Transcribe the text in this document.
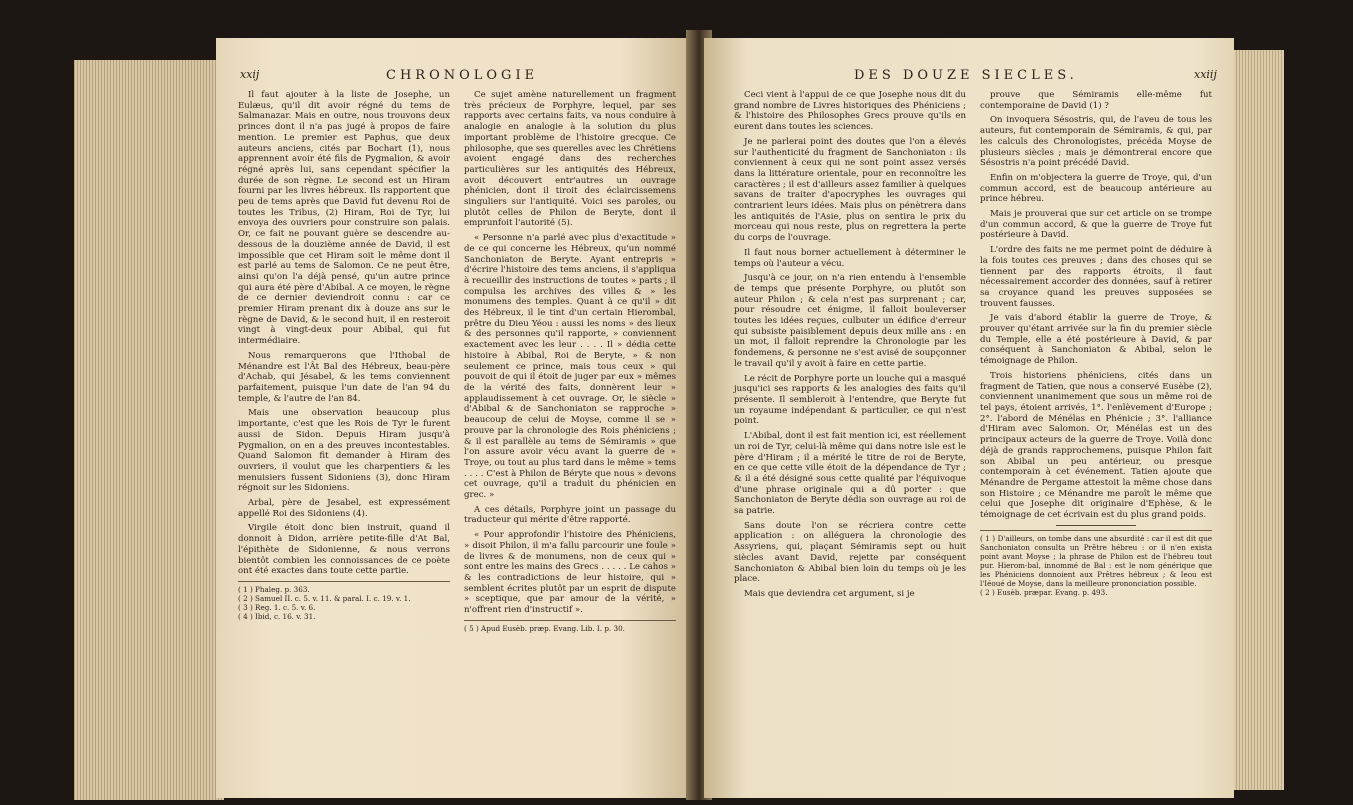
xxij	CHRONOLOGIE

Il faut ajouter à la liste de Josephe, un Eulæus, qu'il dit avoir régné du tems de Salmanazar. Mais en outre, nous trouvons deux princes dont il n'a pas jugé à propos de faire mention. Le premier est Paphus, que deux auteurs anciens, cités par Bochart (1), nous apprennent avoir été fils de Pygmalion, & avoir régné après lui, sans cependant spécifier la durée de son règne. Le second est un Hiram fourni par les livres hébreux. Ils rapportent que peu de tems après que David fut devenu Roi de toutes les Tribus, (2) Hiram, Roi de Tyr, lui envoya des ouvriers pour construire son palais. Or, ce fait ne pouvant guère se descendre au-dessous de la douzième année de David, il est impossible que cet Hiram soit le même dont il est parlé au tems de Salomon. Ce ne peut être, ainsi qu'on l'a déjà pensé, qu'un autre prince qui aura été père d'Abibal. A ce moyen, le règne de ce dernier deviendroit connu : car ce premier Hiram prenant dix à douze ans sur le règne de David, & le second huit, il en resteroit vingt à vingt-deux pour Abibal, qui fut intermédiaire.

Nous remarquerons que l'Ithobal de Ménandre est l'Ât Bal des Hébreux, beau-père d'Achab, qui Jésabel, & les tems conviennent parfaitement, puisque l'un date de l'an 94 du temple, & l'autre de l'an 84.

Mais une observation beaucoup plus importante, c'est que les Rois de Tyr le furent aussi de Sidon. Depuis Hiram jusqu'à Pygmalion, on en a des preuves incontestables. Quand Salomon fit demander à Hiram des ouvriers, il voulut que les charpentiers & les menuisiers fussent Sidoniens (3), donc Hiram régnoit sur les Sidoniens.

Arbal, père de Jesabel, est expressément appellé Roi des Sidoniens (4).

Virgile étoit donc bien instruit, quand il donnoit à Didon, arrière petite-fille d'At Bal, l'épithète de Sidonienne, & nous verrons bientôt combien les connoissances de ce poète ont été exactes dans toute cette partie.

( 1 ) Phaleg. p. 363.
( 2 ) Samuel II. c. 5. v. 11. & paral. I. c. 19. v. 1.
( 3 ) Reg. 1. c. 5. v. 6.
( 4 ) Ibid, c. 16. v. 31.

Ce sujet amène naturellement un fragment très précieux de Porphyre, lequel, par ses rapports avec certains faits, va nous conduire à analogie en analogie à la solution du plus important problème de l'histoire grecque. Ce philosophe, que ses querelles avec les Chrétiens avoient engagé dans des recherches particulières sur les antiquités des Hébreux, avoit découvert entr'autres un ouvrage phénicien, dont il tiroit des éclaircissemens singuliers sur l'antiquité. Voici ses paroles, ou plutôt celles de Philon de Beryte, dont il emprunfoit l'autorité (5).

« Personne n'a parlé avec plus d'exactitude » de ce qui concerne les Hébreux, qu'un nommé Sanchoniaton de Beryte. Ayant entrepris » d'écrire l'histoire des tems anciens, il s'appliqua à recueillir des instructions de toutes » parts ; il compulsa les archives des villes & » les monumens des temples. Quant à ce qu'il » dit des Hébreux, il le tint d'un certain Hierombal, prêtre du Dieu Yéou : aussi les noms » des lieux & des personnes qu'il rapporte, » conviennent exactement avec les leur . . . . Il » dédia cette histoire à Abibal, Roi de Beryte, » & non seulement ce prince, mais tous ceux » qui pouvoit de qui il étoit de juger par eux » mêmes de la vérité des faits, donnèrent leur » applaudissement à cet ouvrage. Or, le siècle » d'Abibal & de Sanchoniaton se rapproche » beaucoup de celui de Moyse, comme il se » prouve par la chronologie des Rois phéniciens ; & il est parallèle au tems de Sémiramis » que l'on assure avoir vécu avant la guerre de » Troye, ou tout au plus tard dans le même » tems . . . . C'est à Philon de Béryte que nous » devons cet ouvrage, qu'il a traduit du phénicien en grec. »

A ces détails, Porphyre joint un passage du traducteur qui mérite d'être rapporté.

« Pour approfondir l'histoire des Phéniciens, » disoit Philon, il m'a fallu parcourir une foule » de livres & de monumens, non de ceux qui » sont entre les mains des Grecs . . . . . Le cahos » & les contradictions de leur histoire, qui » semblent écrites plutôt par un esprit de dispute » sceptique, que par amour de la vérité, » n'offrent rien d'instructif ».

( 5 ) Apud Eusèb. præp. Evang. Lib. I. p. 30.
DES DOUZE SIECLES.	xxiij

Ceci vient à l'appui de ce que Josephe nous dit du grand nombre de Livres historiques des Phéniciens ; & l'histoire des Philosophes Grecs prouve qu'ils en eurent dans toutes les sciences.

Je ne parlerai point des doutes que l'on a élevés sur l'authenticité du fragment de Sanchoniaton : ils conviennent à ceux qui ne sont point assez versés dans la littérature orientale, pour en reconnoître les caractères ; il est d'ailleurs assez familier à quelques savans de traiter d'apocryphes les ouvrages qui contrarient leurs idées. Mais plus on pénètrera dans les antiquités de l'Asie, plus on sentira le prix du morceau qui nous reste, plus on regrettera la perte du corps de l'ouvrage.

Il faut nous borner actuellement à déterminer le temps où l'auteur a vécu.

Jusqu'à ce jour, on n'a rien entendu à l'ensemble de temps que présente Porphyre, ou plutôt son auteur Philon ; & cela n'est pas surprenant ; car, pour résoudre cet énigme, il falloit bouleverser toutes les idées reçues, culbuter un édifice d'erreur qui subsiste paisiblement depuis deux mille ans : en un mot, il falloit reprendre la Chronologie par les fondemens, & personne ne s'est avisé de soupçonner le travail qu'il y avoit à faire en cette partie.

Le récit de Porphyre porte un louche qui a masqué jusqu'ici ses rapports & les analogies des faits qu'il présente. Il sembleroit à l'entendre, que Beryte fut un royaume indépendant & particulier, ce qui n'est point.

L'Abibal, dont il est fait mention ici, est réellement un roi de Tyr, celui-là même qui dans notre isle est le père d'Hiram ; il a mérité le titre de roi de Beryte, en ce que cette ville étoit de la dépendance de Tyr ; & il a été désigné sous cette qualité par l'équivoque d'une phrase originale qui a dû porter : que Sanchoniaton de Beryte dédia son ouvrage au roi de sa patrie.

Sans doute l'on se récriera contre cette application : on alléguera la chronologie des Assyriens, qui, plaçant Sémiramis sept ou huit siècles avant David, rejette par conséquent Sanchoniaton & Abibal bien loin du temps où je les place.

Mais que deviendra cet argument, si je

prouve que Sémiramis elle-même fut contemporaine de David (1) ?

On invoquera Sésostris, qui, de l'aveu de tous les auteurs, fut contemporain de Sémiramis, & qui, par les calculs des Chronologistes, précéda Moyse de plusieurs siècles ; mais je démontrerai encore que Sésostris n'a point précédé David.

Enfin on m'objectera la guerre de Troye, qui, d'un commun accord, est de beaucoup antérieure au prince hébreu.

Mais je prouverai que sur cet article on se trompe d'un commun accord, & que la guerre de Troye fut postérieure à David.

L'ordre des faits ne me permet point de déduire à la fois toutes ces preuves ; dans des choses qui se tiennent par des rapports étroits, il faut nécessairement accorder des données, sauf à retirer sa croyance quand les preuves supposées se trouvent fausses.

Je vais d'abord établir la guerre de Troye, & prouver qu'étant arrivée sur la fin du premier siècle du Temple, elle a été postérieure à David, & par conséquent à Sanchoniaton & Abibal, selon le témoignage de Philon.

Trois historiens phéniciens, cités dans un fragment de Tatien, que nous a conservé Eusèbe (2), conviennent unanimement que sous un même roi de tel pays, étoient arrivés, 1°. l'enlèvement d'Europe ; 2°. l'abord de Ménélas en Phénicie ; 3°. l'alliance d'Hiram avec Salomon. Or, Ménélas est un des principaux acteurs de la guerre de Troye. Voilà donc déjà de grands rapprochemens, puisque Philon fait son Abibal un peu antérieur, ou presque contemporain à cet événement. Tatien ajoute que Ménandre de Pergame attestoit la même chose dans son Histoire ; ce Ménandre me paroît le même que celui que Josephe dit originaire d'Ephèse, & le témoignage de cet écrivain est du plus grand poids.

( 1 ) D'ailleurs, on tombe dans une absurdité : car il est dit que Sanchoniaton consulta un Prêtre hébreu : or il n'en exista point avant Moyse ; la phrase de Philon est de l'hébreu tout pur. Hierom-bal, innommé de Bal : est le nom générique que les Phéniciens donnoient aux Prêtres hébreux ; & Ieou est l'Iéoué de Moyse, dans la meilleure prononciation possible.
( 2 ) Eusèb. præpar. Evang. p. 493.
